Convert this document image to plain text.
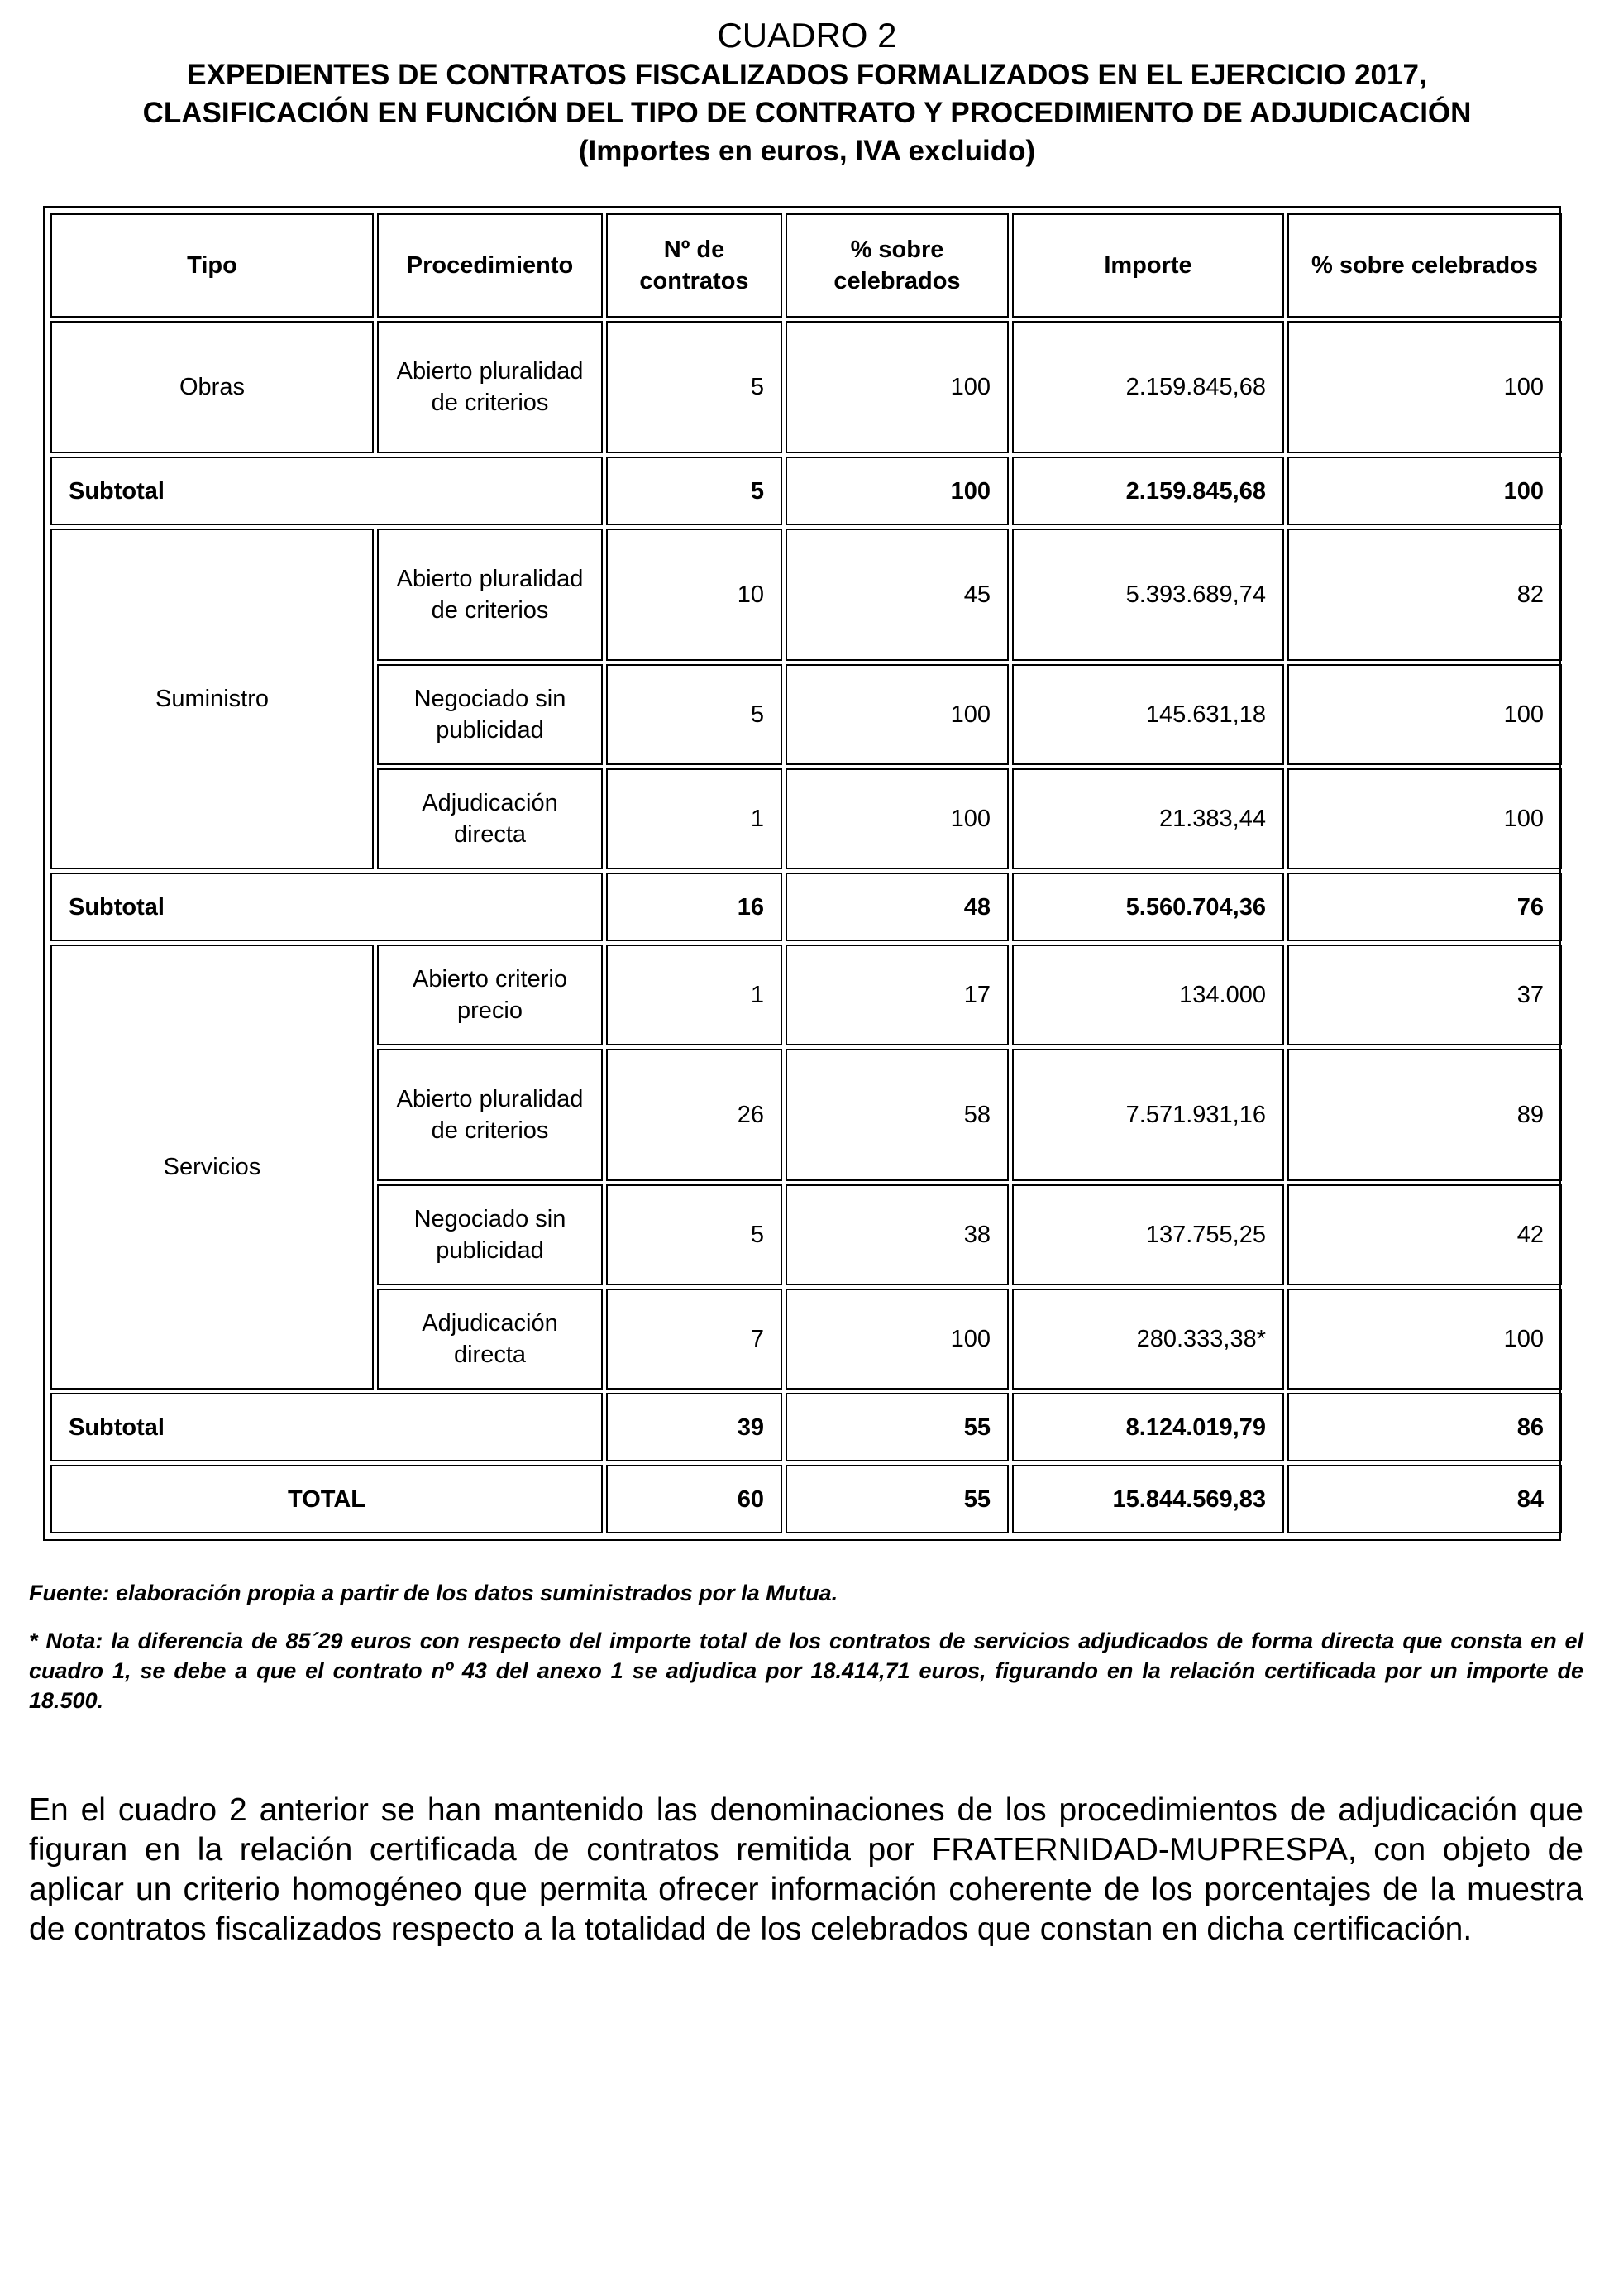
CUADRO 2
EXPEDIENTES DE CONTRATOS FISCALIZADOS FORMALIZADOS EN EL EJERCICIO 2017,
CLASIFICACIÓN EN FUNCIÓN DEL TIPO DE CONTRATO Y PROCEDIMIENTO DE ADJUDICACIÓN
(Importes en euros, IVA excluido)
Tipo	Procedimiento	Nº de contratos	% sobre celebrados	Importe	% sobre celebrados
Obras	Abierto pluralidad de criterios	5	100	2.159.845,68	100
Subtotal		5	100	2.159.845,68	100
Suministro	Abierto pluralidad de criterios	10	45	5.393.689,74	82
	Negociado sin publicidad	5	100	145.631,18	100
	Adjudicación directa	1	100	21.383,44	100
Subtotal		16	48	5.560.704,36	76
Servicios	Abierto criterio precio	1	17	134.000	37
	Abierto pluralidad de criterios	26	58	7.571.931,16	89
	Negociado sin publicidad	5	38	137.755,25	42
	Adjudicación directa	7	100	280.333,38*	100
Subtotal		39	55	8.124.019,79	86
TOTAL		60	55	15.844.569,83	84
Fuente: elaboración propia a partir de los datos suministrados por la Mutua.
* Nota: la diferencia de 85´29 euros con respecto del importe total de los contratos de servicios adjudicados de forma directa que consta en el cuadro 1, se debe a que el contrato nº 43 del anexo 1 se adjudica por 18.414,71 euros, figurando en la relación certificada por un importe de 18.500.
En el cuadro 2 anterior se han mantenido las denominaciones de los procedimientos de adjudicación que figuran en la relación certificada de contratos remitida por FRATERNIDAD-MUPRESPA, con objeto de aplicar un criterio homogéneo que permita ofrecer información coherente de los porcentajes de la muestra de contratos fiscalizados respecto a la totalidad de los celebrados que constan en dicha certificación.
